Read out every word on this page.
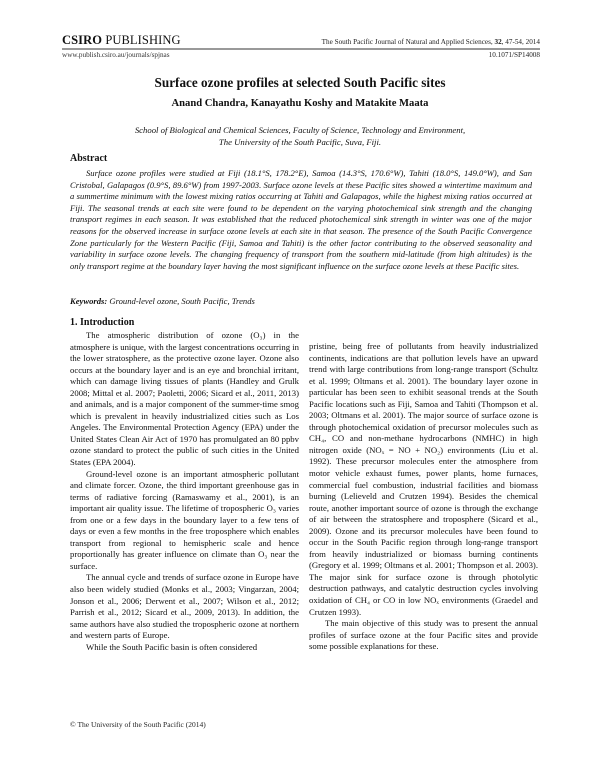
CSIRO PUBLISHING	The South Pacific Journal of Natural and Applied Sciences, 32, 47-54, 2014
www.publish.csiro.au/journals/spjnas	10.1071/SP14008
Surface ozone profiles at selected South Pacific sites
Anand Chandra, Kanayathu Koshy and Matakite Maata
School of Biological and Chemical Sciences, Faculty of Science, Technology and Environment,
The University of the South Pacific, Suva, Fiji.
Abstract

Surface ozone profiles were studied at Fiji (18.1°S, 178.2°E), Samoa (14.3°S, 170.6°W), Tahiti (18.0°S, 149.0°W), and San Cristobal, Galapagos (0.9°S, 89.6°W) from 1997-2003. Surface ozone levels at these Pacific sites showed a wintertime maximum and a summertime minimum with the lowest mixing ratios occurring at Tahiti and Galapagos, while the highest mixing ratios occurred at Fiji. The seasonal trends at each site were found to be dependent on the varying photochemical sink strength and the changing transport regimes in each season. It was established that the reduced photochemical sink strength in winter was one of the major reasons for the observed increase in surface ozone levels at each site in that season. The presence of the South Pacific Convergence Zone particularly for the Western Pacific (Fiji, Samoa and Tahiti) is the other factor contributing to the observed seasonality and variability in surface ozone levels. The changing frequency of transport from the southern mid-latitude (from high altitudes) is the only transport regime at the boundary layer having the most significant influence on the surface ozone levels at these Pacific sites.

Keywords: Ground-level ozone, South Pacific, Trends
1. Introduction

The atmospheric distribution of ozone (O₃) in the atmosphere is unique, with the largest concentrations occurring in the lower stratosphere, as the protective ozone layer. Ozone also occurs at the boundary layer and is an eye and bronchial irritant, which can damage living tissues of plants (Handley and Grulk 2008; Mittal et al. 2007; Paoletti, 2006; Sicard et al., 2011, 2013) and animals, and is a major component of the summer-time smog which is prevalent in heavily industrialized cities such as Los Angeles. The Environmental Protection Agency (EPA) under the United States Clean Air Act of 1970 has promulgated an 80 ppbv ozone standard to protect the public of such cities in the United States (EPA 2004).

Ground-level ozone is an important atmospheric pollutant and climate forcer. Ozone, the third important greenhouse gas in terms of radiative forcing (Ramaswamy et al., 2001), is an important air quality issue. The lifetime of tropospheric O₃ varies from one or a few days in the boundary layer to a few tens of days or even a few months in the free troposphere which enables transport from regional to hemispheric scale and hence proportionally has greater influence on climate than O₃ near the surface.

The annual cycle and trends of surface ozone in Europe have also been widely studied (Monks et al., 2003; Vingarzan, 2004; Jonson et al., 2006; Derwent et al., 2007; Wilson et al., 2012; Parrish et al., 2012; Sicard et al., 2009, 2013). In addition, the same authors have also studied the tropospheric ozone at northern and western parts of Europe.

While the South Pacific basin is often considered

pristine, being free of pollutants from heavily industrialized continents, indications are that pollution levels have an upward trend with large contributions from long-range transport (Schultz et al. 1999; Oltmans et al. 2001). The boundary layer ozone in particular has been seen to exhibit seasonal trends at the South Pacific locations such as Fiji, Samoa and Tahiti (Thompson et al. 2003; Oltmans et al. 2001). The major source of surface ozone is through photochemical oxidation of precursor molecules such as CH₄, CO and non-methane hydrocarbons (NMHC) in high nitrogen oxide (NOₓ = NO + NO₂) environments (Liu et al. 1992). These precursor molecules enter the atmosphere from motor vehicle exhaust fumes, power plants, home furnaces, commercial fuel combustion, industrial facilities and biomass burning (Lelieveld and Crutzen 1994). Besides the chemical route, another important source of ozone is through the exchange of air between the stratosphere and troposphere (Sicard et al., 2009). Ozone and its precursor molecules have been found to occur in the South Pacific region through long-range transport from heavily industrialized or biomass burning continents (Gregory et al. 1999; Oltmans et al. 2001; Thompson et al. 2003). The major sink for surface ozone is through photolytic destruction pathways, and catalytic destruction cycles involving oxidation of CH₄ or CO in low NOₓ environments (Graedel and Crutzen 1993).

The main objective of this study was to present the annual profiles of surface ozone at the four Pacific sites and provide some possible explanations for these.

© The University of the South Pacific (2014)
